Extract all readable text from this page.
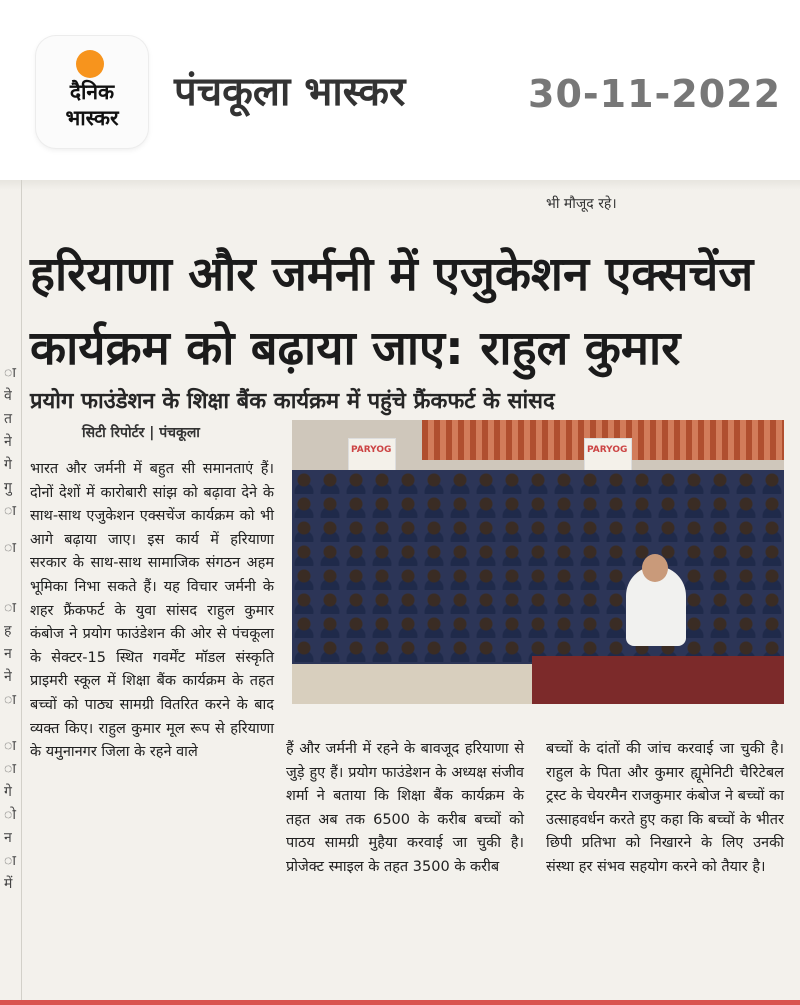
दैनिक
भास्कर
पंचकूला भास्कर	30-11-2022
ा
वे
त
ने
गे
गु
ा
ा
ा
ह
न
ने
ा
ा
ा
गे
ो
न
ा
में
भी मौजूद रहे।
हरियाणा और जर्मनी में एजुकेशन एक्सचेंज
कार्यक्रम को बढ़ाया जाए: राहुल कुमार
प्रयोग फाउंडेशन के शिक्षा बैंक कार्यक्रम में पहुंचे फ्रैंकफर्ट के सांसद
सिटी रिपोर्टर | पंचकूला
PARYOG	PARYOG

भारत और जर्मनी में बहुत सी समानताएं हैं। दोनों देशों में कारोबारी सांझ को बढ़ावा देने के साथ-साथ एजुकेशन एक्सचेंज कार्यक्रम को भी आगे बढ़ाया जाए। इस कार्य में हरियाणा सरकार के साथ-साथ सामाजिक संगठन अहम भूमिका निभा सकते हैं। यह विचार जर्मनी के शहर फ्रैंकफर्ट के युवा सांसद राहुल कुमार कंबोज ने प्रयोग फाउंडेशन की ओर से पंचकूला के सेक्टर-15 स्थित गवर्मेंट मॉडल संस्कृति प्राइमरी स्कूल में शिक्षा बैंक कार्यक्रम के तहत बच्चों को पाठ्य सामग्री वितरित करने के बाद व्यक्त किए। राहुल कुमार मूल रूप से हरियाणा के यमुनानगर जिला के रहने वाले	हैं और जर्मनी में रहने के बावजूद हरियाणा से जुड़े हुए हैं। प्रयोग फाउंडेशन के अध्यक्ष संजीव शर्मा ने बताया कि शिक्षा बैंक कार्यक्रम के तहत अब तक 6500 के करीब बच्चों को पाठय सामग्री मुहैया करवाई जा चुकी है। प्रोजेक्ट स्माइल के तहत 3500 के करीब

बच्चों के दांतों की जांच करवाई जा चुकी है। राहुल के पिता और कुमार ह्यूमेनिटी चैरिटेबल ट्रस्ट के चेयरमैन राजकुमार कंबोज ने बच्चों का उत्साहवर्धन करते हुए कहा कि बच्चों के भीतर छिपी प्रतिभा को निखारने के लिए उनकी संस्था हर संभव सहयोग करने को तैयार है।
